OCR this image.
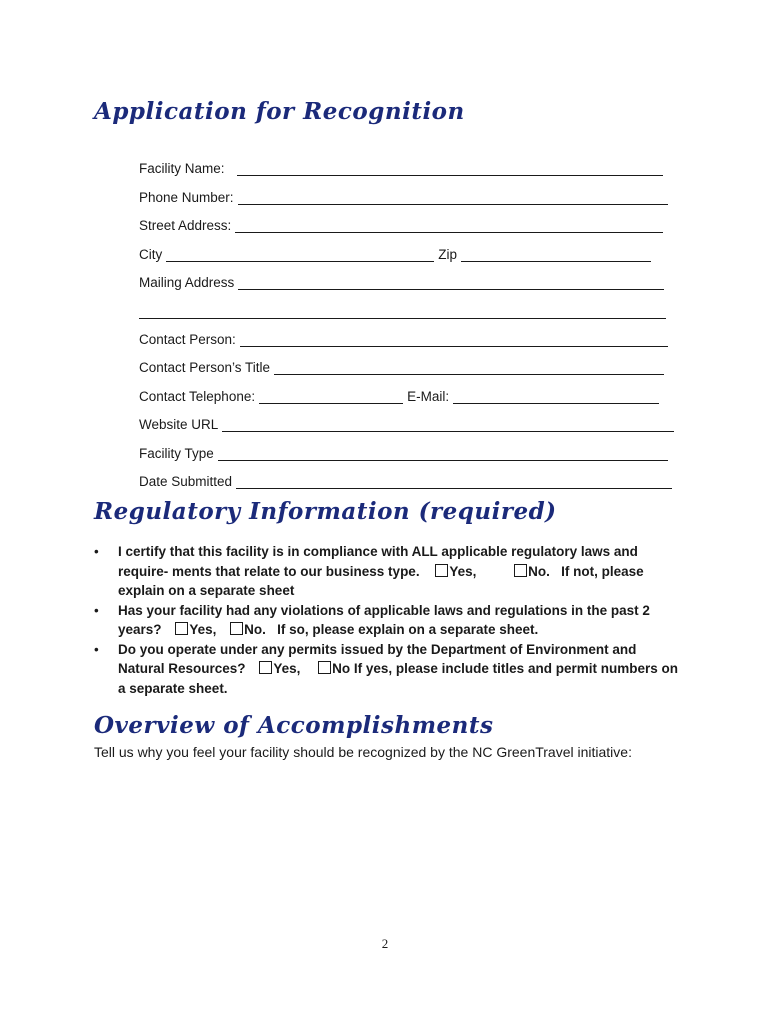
Application for Recognition
Facility Name:
Phone Number:
Street Address:
City	Zip
Mailing Address
Contact Person:
Contact Person’s Title
Contact Telephone:	E-Mail:
Website URL
Facility Type
Date Submitted
Regulatory Information (required)
• I certify that this facility is in compliance with ALL applicable regulatory laws and require- ments that relate to our business type. Yes,	No. If not, please explain on a separate sheet
• Has your facility had any violations of applicable laws and regulations in the past 2 years? Yes, No. If so, please explain on a separate sheet.
• Do you operate under any permits issued by the Department of Environment and Natural Resources? Yes, No If yes, please include titles and permit numbers on a separate sheet.
Overview of Accomplishments
Tell us why you feel your facility should be recognized by the NC GreenTravel initiative:
2
